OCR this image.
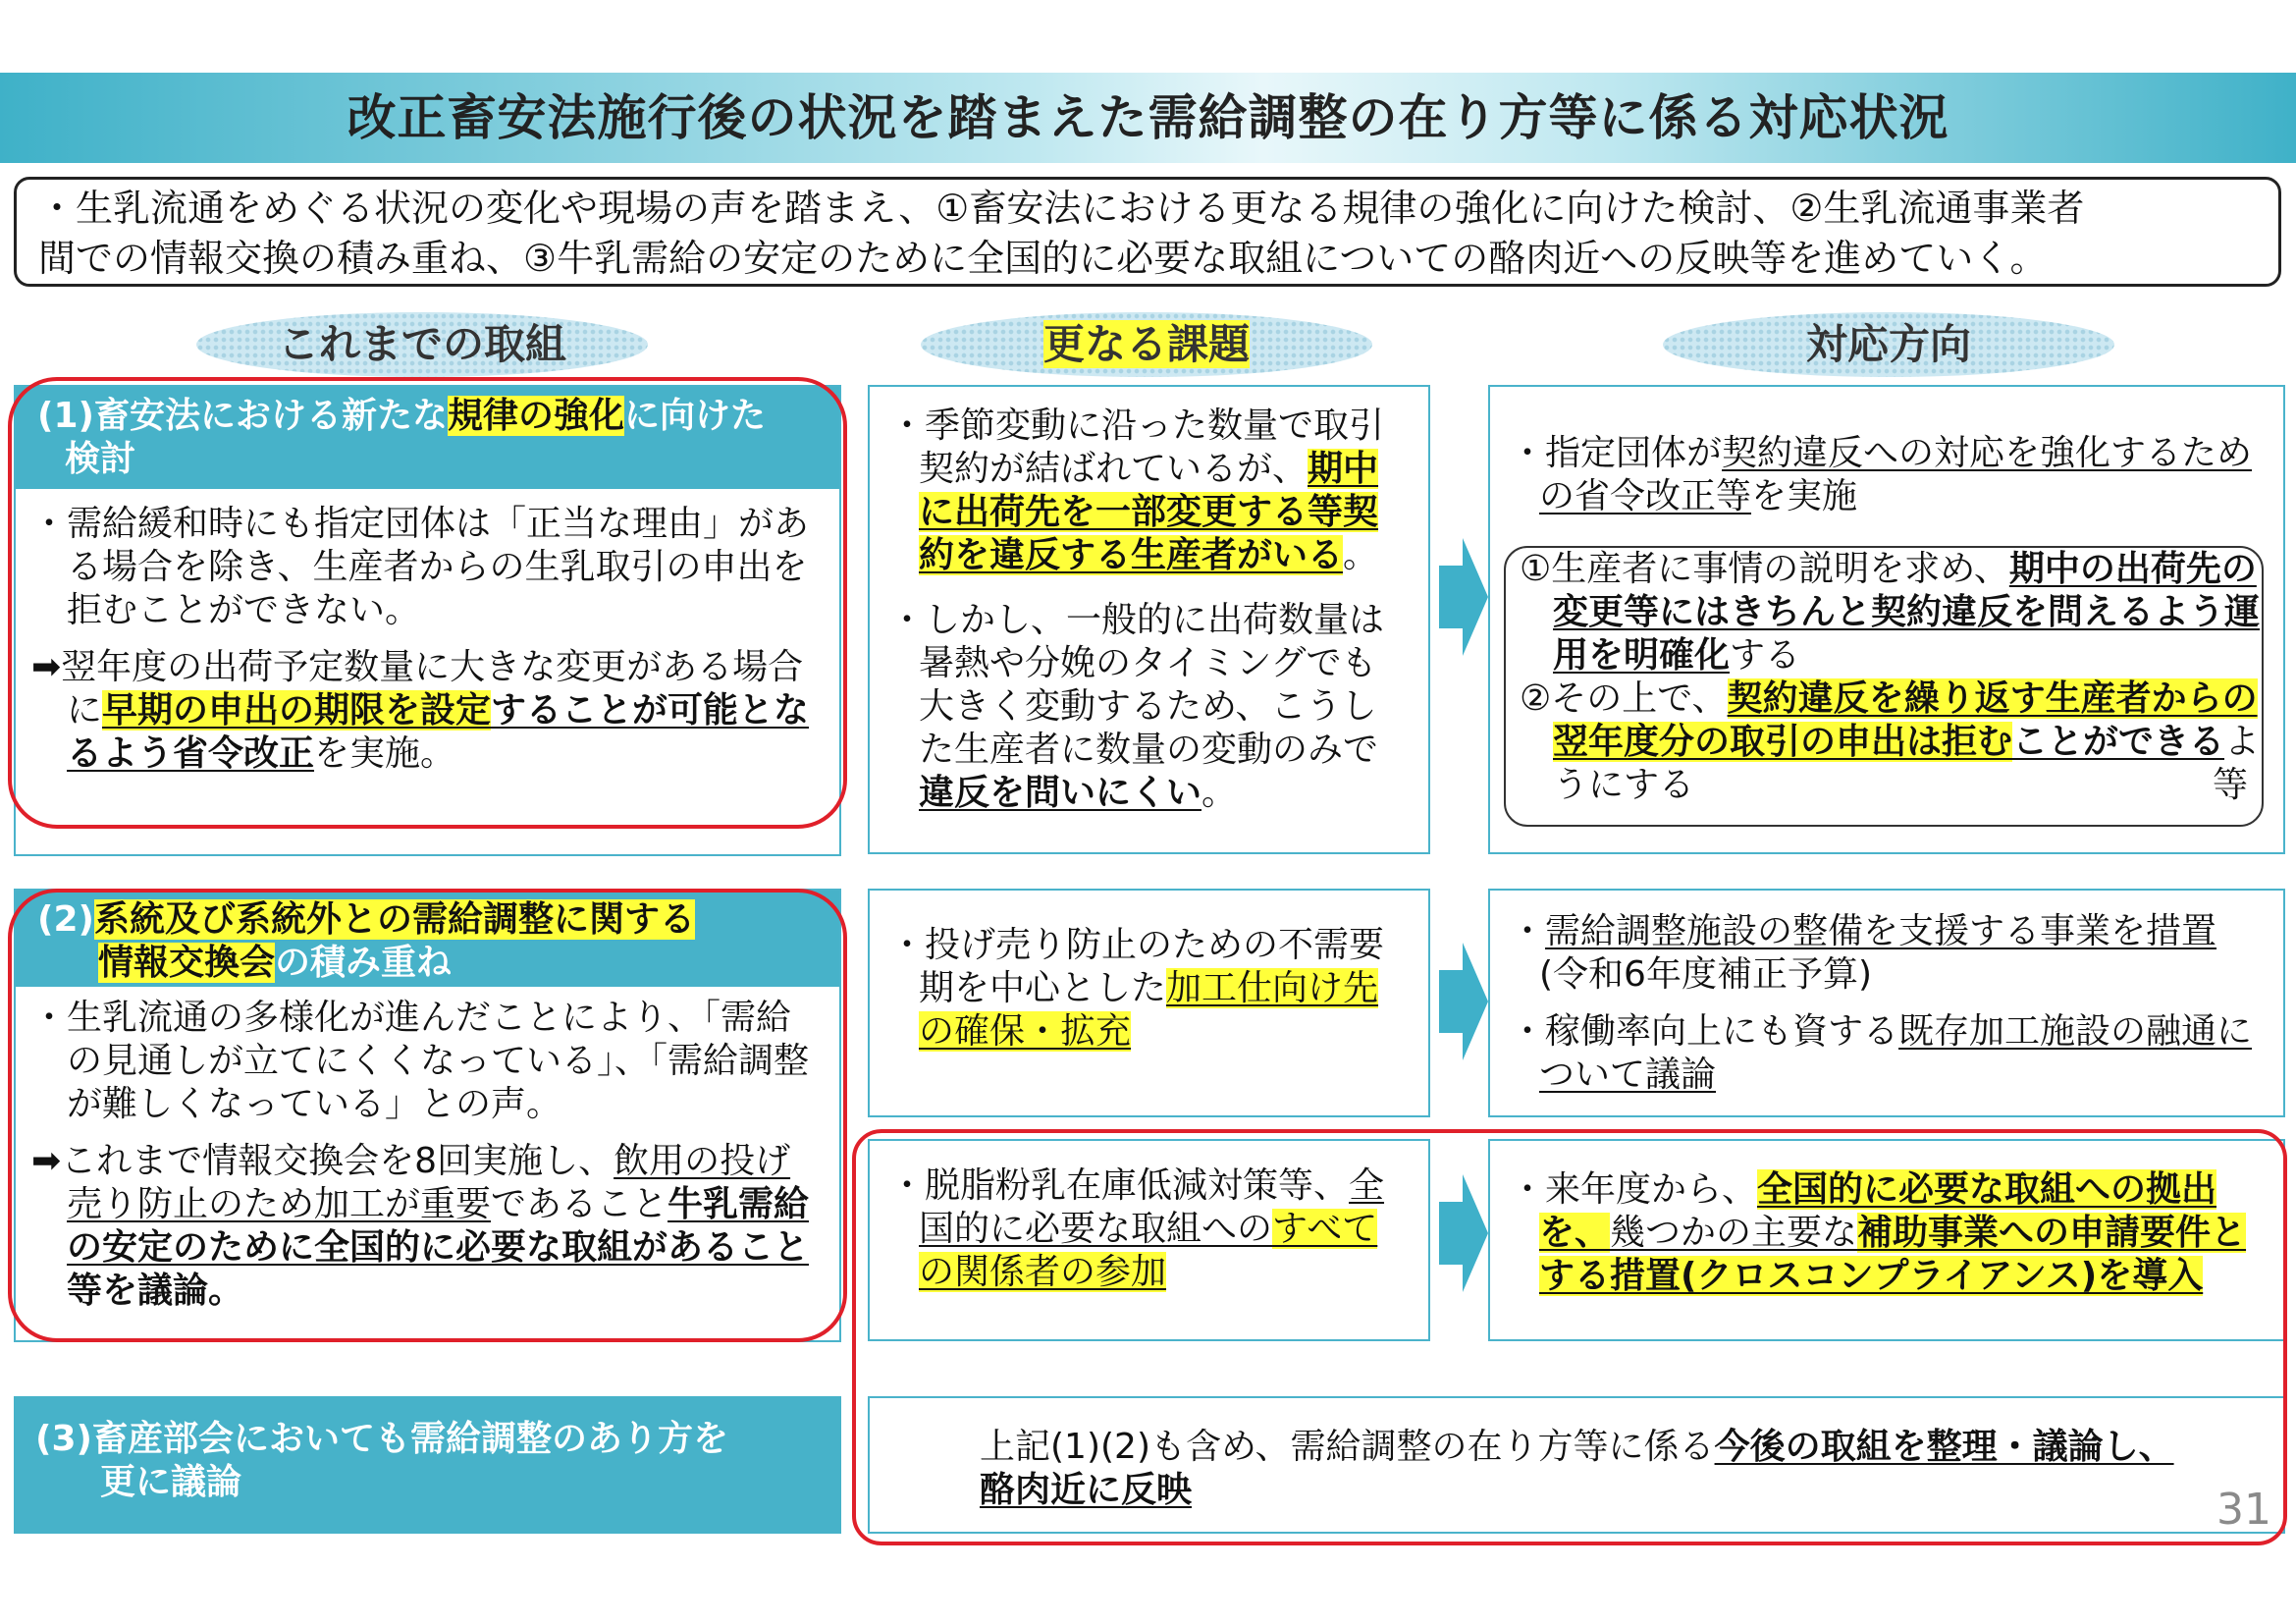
改正畜安法施行後の状況を踏まえた需給調整の在り方等に係る対応状況
・生乳流通をめぐる状況の変化や現場の声を踏まえ、①畜安法における更なる規律の強化に向けた検討、②生乳流通事業者
間での情報交換の積み重ね、③牛乳需給の安定のために全国的に必要な取組についての酪肉近への反映等を進めていく。
これまでの取組	更なる課題	対応方向
(1)畜安法における新たな規律の強化に向けた
検討
・需給緩和時にも指定団体は「正当な理由」がある場合を除き、生産者からの生乳取引の申出を拒むことができない。
➡翌年度の出荷予定数量に大きな変更がある場合に早期の申出の期限を設定することが可能となるよう省令改正を実施。
(2)系統及び系統外との需給調整に関する
情報交換会の積み重ね
・生乳流通の多様化が進んだことにより、「需給の見通しが立てにくくなっている」、「需給調整が難しくなっている」との声。
➡これまで情報交換会を8回実施し、飲用の投げ売り防止のため加工が重要であること牛乳需給の安定のために全国的に必要な取組があること　等を議論。
(3)畜産部会においても需給調整のあり方を
更に議論
・季節変動に沿った数量で取引契約が結ばれているが、期中に出荷先を一部変更する等契約を違反する生産者がいる。
・しかし、一般的に出荷数量は暑熱や分娩のタイミングでも大きく変動するため、こうした生産者に数量の変動のみで違反を問いにくい。
・投げ売り防止のための不需要期を中心とした加工仕向け先の確保・拡充
・脱脂粉乳在庫低減対策等、全国的に必要な取組へのすべての関係者の参加
・指定団体が契約違反への対応を強化するための省令改正等を実施
①生産者に事情の説明を求め、期中の出荷先の変更等にはきちんと契約違反を問えるよう運用を明確化する
②その上で、契約違反を繰り返す生産者からの翌年度分の取引の申出は拒むことができるようにする	等
・需給調整施設の整備を支援する事業を措置
(令和6年度補正予算)
・稼働率向上にも資する既存加工施設の融通について議論
・来年度から、全国的に必要な取組への拠出を、幾つかの主要な補助事業への申請要件とする措置(クロスコンプライアンス)を導入
上記(1)(2)も含め、需給調整の在り方等に係る今後の取組を整理・議論し、
酪肉近に反映	31
